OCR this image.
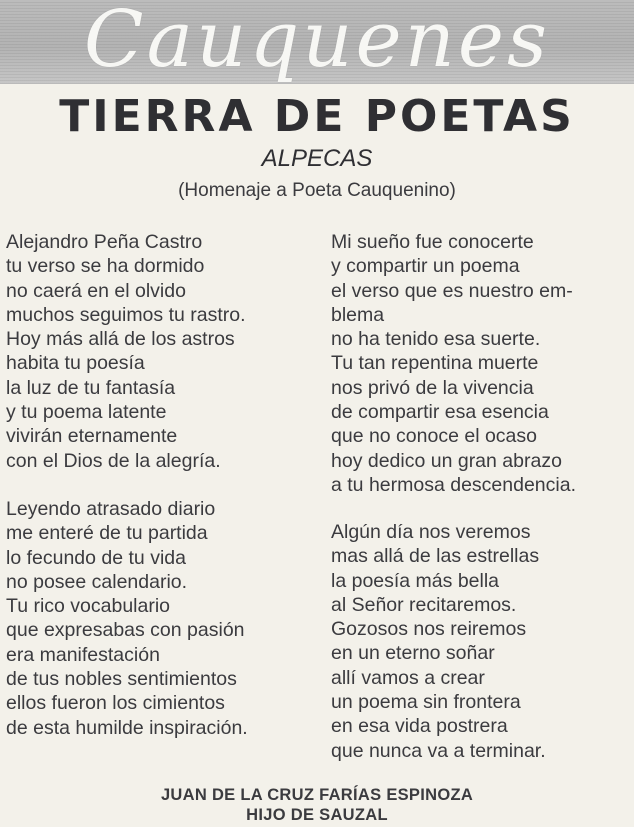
Cauquenes
TIERRA DE POETAS
ALPECAS
(Homenaje a Poeta Cauquenino)
Alejandro Peña Castro
tu verso se ha dormido
no caerá en el olvido
muchos seguimos tu rastro.
Hoy más allá de los astros
habita tu poesía
la luz de tu fantasía
y tu poema latente
vivirán eternamente
con el Dios de la alegría.
Mi sueño fue conocerte
y compartir un poema
el verso que es nuestro em-
blema
no ha tenido esa suerte.
Tu tan repentina muerte
nos privó de la vivencia
de compartir esa esencia
que no conoce el ocaso
hoy dedico un gran abrazo
a tu hermosa descendencia.
Leyendo atrasado diario
me enteré de tu partida
lo fecundo de tu vida
no posee calendario.
Tu rico vocabulario
que expresabas con pasión
era manifestación
de tus nobles sentimientos
ellos fueron los cimientos
de esta humilde inspiración.
Algún día nos veremos
mas allá de las estrellas
la poesía más bella
al Señor recitaremos.
Gozosos nos reiremos
en un eterno soñar
allí vamos a crear
un poema sin frontera
en esa vida postrera
que nunca va a terminar.
JUAN DE LA CRUZ FARÍAS ESPINOZA
HIJO DE SAUZAL
